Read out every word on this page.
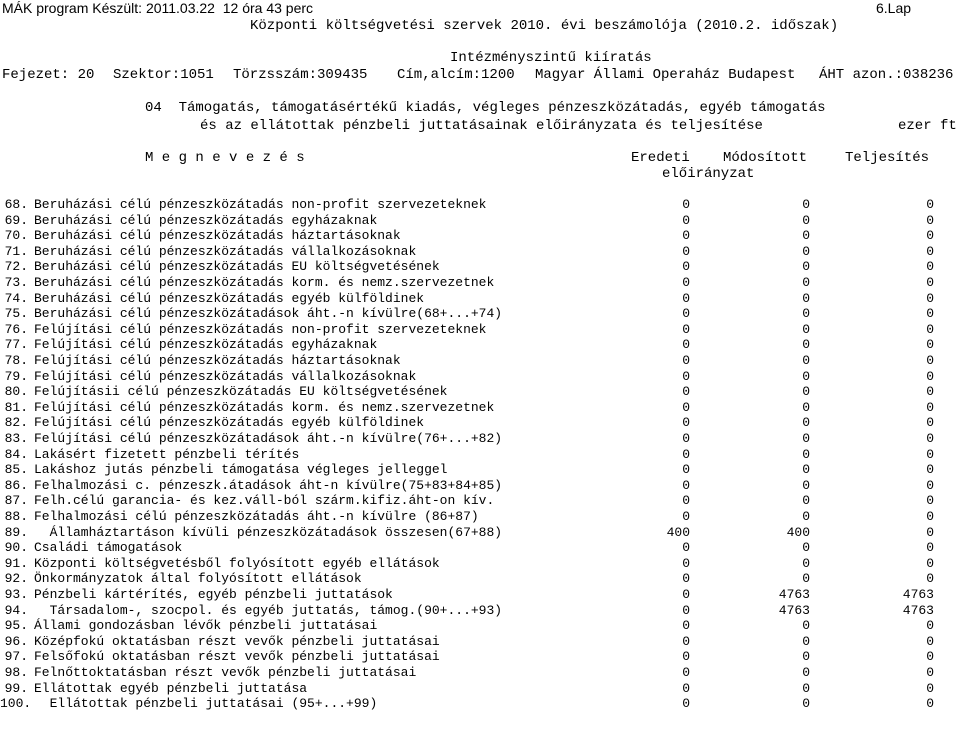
MÁK program Készült: 2011.03.22  12 óra 43 perc	6.Lap
Központi költségvetési szervek 2010. évi beszámolója (2010.2. időszak)
Intézményszintű kiíratás
Fejezet: 20 Szektor:1051 Törzsszám:309435 Cím,alcím:1200 Magyar Állami Operaház Budapest ÁHT azon.:038236
04  Támogatás, támogatásértékű kiadás, végleges pénzeszközátadás, egyéb támogatás
és az ellátottak pénzbeli juttatásainak előirányzata és teljesítése	ezer ft
M e g n e v e z é s	Eredeti Módosított	Teljesítés
előirányzat
68. Beruházási célú pénzeszközátadás non-profit szervezeteknek	0	0	0
69. Beruházási célú pénzeszközátadás egyházaknak	0	0	0
70. Beruházási célú pénzeszközátadás háztartásoknak	0	0	0
71. Beruházási célú pénzeszközátadás vállalkozásoknak	0	0	0
72. Beruházási célú pénzeszközátadás EU költségvetésének	0	0	0
73. Beruházási célú pénzeszközátadás korm. és nemz.szervezetnek	0	0	0
74. Beruházási célú pénzeszközátadás egyéb külföldinek	0	0	0
75. Beruházási célú pénzeszközátadások áht.-n kívülre(68+...+74)	0	0	0
76. Felújítási célú pénzeszközátadás non-profit szervezeteknek	0	0	0
77. Felújítási célú pénzeszközátadás egyházaknak	0	0	0
78. Felújítási célú pénzeszközátadás háztartásoknak	0	0	0
79. Felújítási célú pénzeszközátadás vállalkozásoknak	0	0	0
80. Felújításii célú pénzeszközátadás EU költségvetésének	0	0	0
81. Felújítási célú pénzeszközátadás korm. és nemz.szervezetnek	0	0	0
82. Felújítási célú pénzeszközátadás egyéb külföldinek	0	0	0
83. Felújítási célú pénzeszközátadások áht.-n kívülre(76+...+82)	0	0	0
84. Lakásért fizetett pénzbeli térítés	0	0	0
85. Lakáshoz jutás pénzbeli támogatása végleges jelleggel	0	0	0
86. Felhalmozási c. pénzeszk.átadások áht-n kívülre(75+83+84+85)	0	0	0
87. Felh.célú garancia- és kez.váll-ból szárm.kifiz.áht-on kív.	0	0	0
88. Felhalmozási célú pénzeszközátadás áht.-n kívülre (86+87)	0	0	0
89. Államháztartáson kívüli pénzeszközátadások összesen(67+88)	400	400	0
90. Családi támogatások	0	0	0
91. Központi költségvetésből folyósított egyéb ellátások	0	0	0
92. Önkormányzatok által folyósított ellátások	0	0	0
93. Pénzbeli kártérítés, egyéb pénzbeli juttatások	0	4763	4763
94. Társadalom-, szocpol. és egyéb juttatás, támog.(90+...+93)	0	4763	4763
95. Állami gondozásban lévők pénzbeli juttatásai	0	0	0
96. Középfokú oktatásban részt vevők pénzbeli juttatásai	0	0	0
97. Felsőfokú oktatásban részt vevők pénzbeli juttatásai	0	0	0
98. Felnőttoktatásban részt vevők pénzbeli juttatásai	0	0	0
99. Ellátottak egyéb pénzbeli juttatása	0	0	0
100. Ellátottak pénzbeli juttatásai (95+...+99)	0	0	0
